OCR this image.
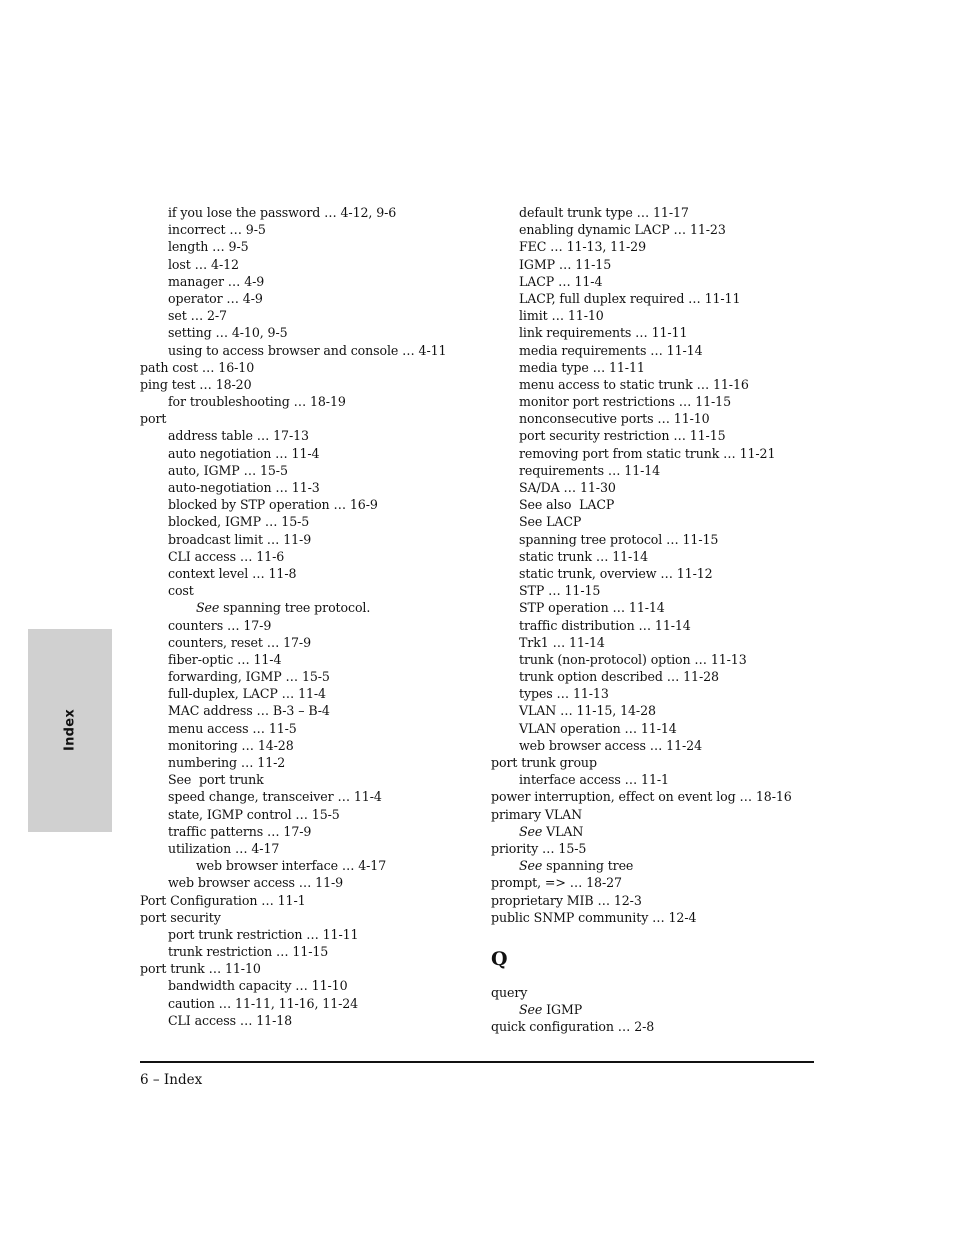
Index
if you lose the password … 4-12, 9-6
incorrect … 9-5
length … 9-5
lost … 4-12
manager … 4-9
operator … 4-9
set … 2-7
setting … 4-10, 9-5
using to access browser and console … 4-11
path cost … 16-10
ping test … 18-20
for troubleshooting … 18-19
port
address table … 17-13
auto negotiation … 11-4
auto, IGMP … 15-5
auto-negotiation … 11-3
blocked by STP operation … 16-9
blocked, IGMP … 15-5
broadcast limit … 11-9
CLI access … 11-6
context level … 11-8
cost
See spanning tree protocol.
counters … 17-9
counters, reset … 17-9
fiber-optic … 11-4
forwarding, IGMP … 15-5
full-duplex, LACP … 11-4
MAC address … B-3 – B-4
menu access … 11-5
monitoring … 14-28
numbering … 11-2
See  port trunk
speed change, transceiver … 11-4
state, IGMP control … 15-5
traffic patterns … 17-9
utilization … 4-17
web browser interface … 4-17
web browser access … 11-9
Port Configuration … 11-1
port security
port trunk restriction … 11-11
trunk restriction … 11-15
port trunk … 11-10
bandwidth capacity … 11-10
caution … 11-11, 11-16, 11-24
CLI access … 11-18
default trunk type … 11-17
enabling dynamic LACP … 11-23
FEC … 11-13, 11-29
IGMP … 11-15
LACP … 11-4
LACP, full duplex required … 11-11
limit … 11-10
link requirements … 11-11
media requirements … 11-14
media type … 11-11
menu access to static trunk … 11-16
monitor port restrictions … 11-15
nonconsecutive ports … 11-10
port security restriction … 11-15
removing port from static trunk … 11-21
requirements … 11-14
SA/DA … 11-30
See also  LACP
See LACP
spanning tree protocol … 11-15
static trunk … 11-14
static trunk, overview … 11-12
STP … 11-15
STP operation … 11-14
traffic distribution … 11-14
Trk1 … 11-14
trunk (non-protocol) option … 11-13
trunk option described … 11-28
types … 11-13
VLAN … 11-15, 14-28
VLAN operation … 11-14
web browser access … 11-24
port trunk group
interface access … 11-1
power interruption, effect on event log … 18-16
primary VLAN
See VLAN
priority … 15-5
See spanning tree
prompt, => … 18-27
proprietary MIB … 12-3
public SNMP community … 12-4
Q
query
See IGMP
quick configuration … 2-8
6 – Index
